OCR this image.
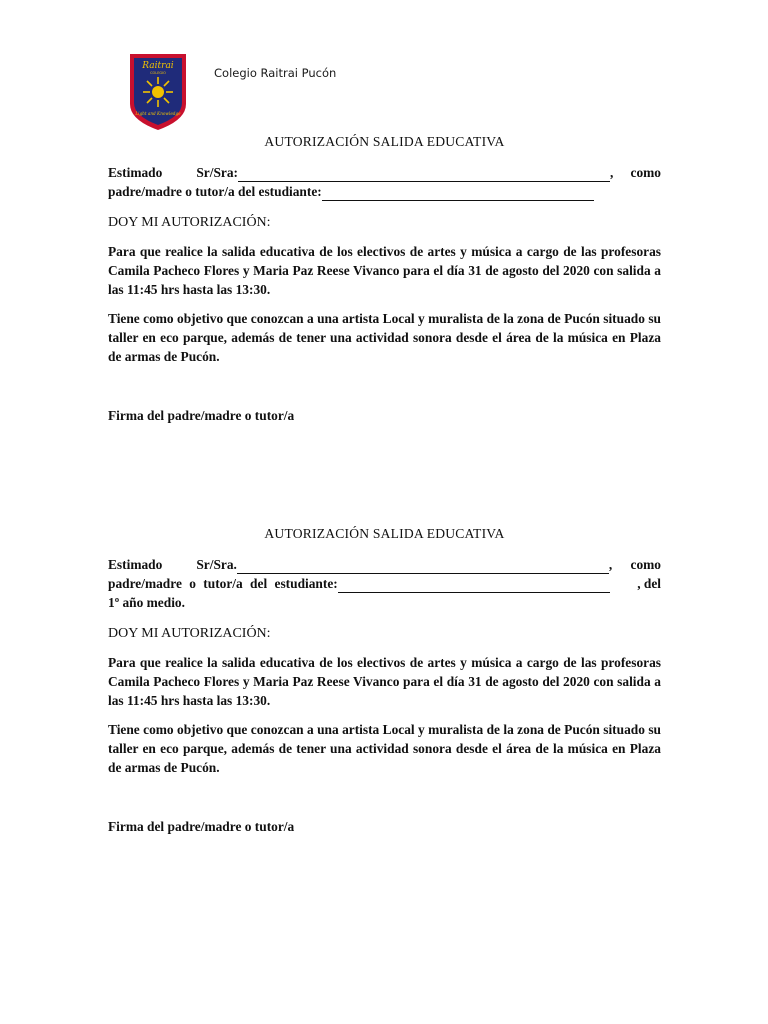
Raitrai
COLEGIO
Light and Knowledge
Colegio Raitrai Pucón
AUTORIZACIÓN SALIDA EDUCATIVA
Estimado	Sr/Sra:	, como
padre/madre o tutor/a del estudiante:
DOY MI AUTORIZACIÓN:
Para que realice la salida educativa de los electivos de artes y música a cargo de las profesoras Camila Pacheco Flores y Maria Paz Reese Vivanco para el día 31 de agosto del 2020 con salida a las 11:45 hrs hasta las 13:30.
Tiene como objetivo que conozcan a una artista Local y muralista de la zona de Pucón situado su taller en eco parque, además de tener una actividad sonora desde el área de la música en Plaza de armas de Pucón.
Firma del padre/madre o tutor/a
AUTORIZACIÓN SALIDA EDUCATIVA
Estimado	Sr/Sra.	, como
padre/madre o tutor/a del estudiante:	, del
1º año medio.
DOY MI AUTORIZACIÓN:
Para que realice la salida educativa de los electivos de artes y música a cargo de las profesoras Camila Pacheco Flores y Maria Paz Reese Vivanco para el día 31 de agosto del 2020 con salida a las 11:45 hrs hasta las 13:30.
Tiene como objetivo que conozcan a una artista Local y muralista de la zona de Pucón situado su taller en eco parque, además de tener una actividad sonora desde el área de la música en Plaza de armas de Pucón.
Firma del padre/madre o tutor/a
